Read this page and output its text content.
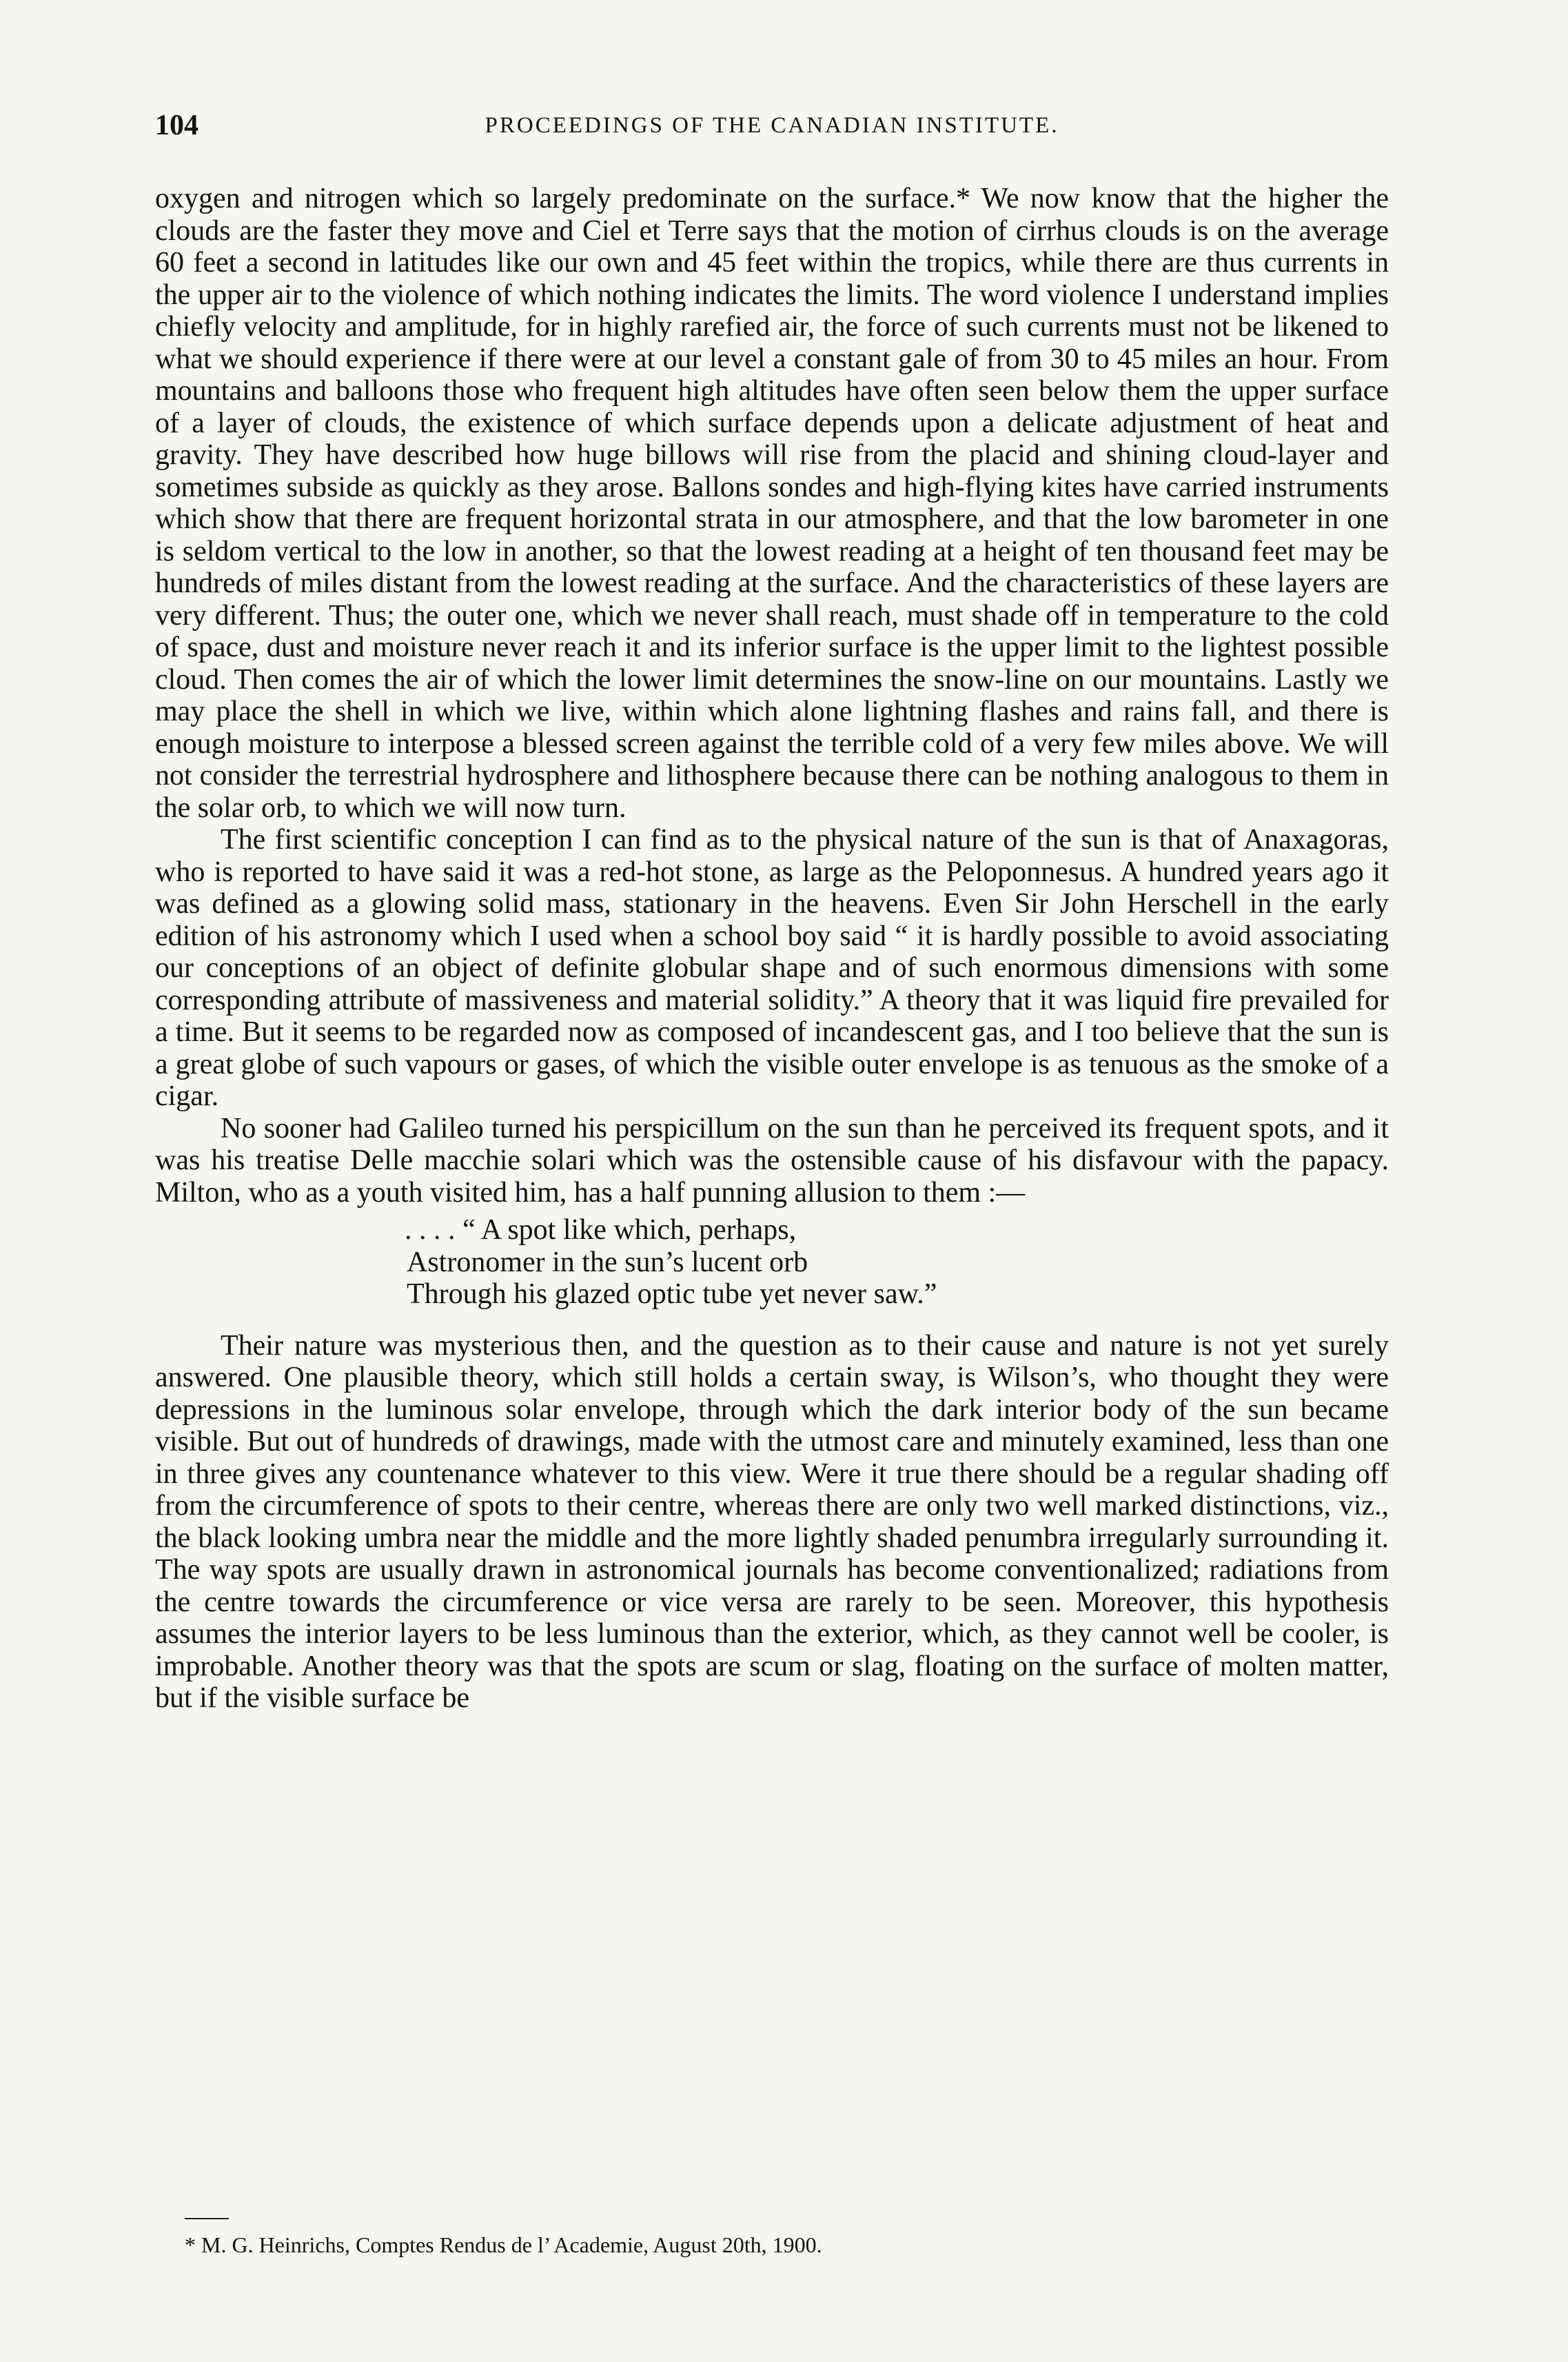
104	PROCEEDINGS OF THE CANADIAN INSTITUTE.

oxygen and nitrogen which so largely predominate on the surface.* We now know that the higher the clouds are the faster they move and Ciel et Terre says that the motion of cirrhus clouds is on the average 60 feet a second in latitudes like our own and 45 feet within the tropics, while there are thus currents in the upper air to the violence of which nothing indicates the limits. The word violence I understand implies chiefly velocity and amplitude, for in highly rarefied air, the force of such currents must not be likened to what we should experience if there were at our level a constant gale of from 30 to 45 miles an hour. From mountains and balloons those who frequent high altitudes have often seen below them the upper surface of a layer of clouds, the existence of which surface depends upon a delicate adjustment of heat and gravity. They have described how huge billows will rise from the placid and shining cloud-layer and sometimes subside as quickly as they arose. Ballons sondes and high-flying kites have carried instruments which show that there are frequent horizontal strata in our atmosphere, and that the low barometer in one is seldom vertical to the low in another, so that the lowest reading at a height of ten thousand feet may be hundreds of miles distant from the lowest reading at the surface. And the characteristics of these layers are very different. Thus; the outer one, which we never shall reach, must shade off in temperature to the cold of space, dust and moisture never reach it and its inferior surface is the upper limit to the lightest possible cloud. Then comes the air of which the lower limit determines the snow-line on our mountains. Lastly we may place the shell in which we live, within which alone lightning flashes and rains fall, and there is enough moisture to interpose a blessed screen against the terrible cold of a very few miles above. We will not consider the terrestrial hydrosphere and lithosphere because there can be nothing analogous to them in the solar orb, to which we will now turn.

The first scientific conception I can find as to the physical nature of the sun is that of Anaxagoras, who is reported to have said it was a red-hot stone, as large as the Peloponnesus. A hundred years ago it was defined as a glowing solid mass, stationary in the heavens. Even Sir John Herschell in the early edition of his astronomy which I used when a school boy said “ it is hardly possible to avoid associating our conceptions of an object of definite globular shape and of such enormous dimensions with some corresponding attribute of massiveness and material solidity.” A theory that it was liquid fire prevailed for a time. But it seems to be regarded now as composed of incandescent gas, and I too believe that the sun is a great globe of such vapours or gases, of which the visible outer envelope is as tenuous as the smoke of a cigar.

No sooner had Galileo turned his perspicillum on the sun than he perceived its frequent spots, and it was his treatise Delle macchie solari which was the ostensible cause of his disfavour with the papacy. Milton, who as a youth visited him, has a half punning allusion to them :—

. . . . “ A spot like which, perhaps,
Astronomer in the sun’s lucent orb
Through his glazed optic tube yet never saw.”

Their nature was mysterious then, and the question as to their cause and nature is not yet surely answered. One plausible theory, which still holds a certain sway, is Wilson’s, who thought they were depressions in the luminous solar envelope, through which the dark interior body of the sun became visible. But out of hundreds of drawings, made with the utmost care and minutely examined, less than one in three gives any countenance whatever to this view. Were it true there should be a regular shading off from the circumference of spots to their centre, whereas there are only two well marked distinctions, viz., the black looking umbra near the middle and the more lightly shaded penumbra irregularly surrounding it. The way spots are usually drawn in astronomical journals has become conventionalized; radiations from the centre towards the circumference or vice versa are rarely to be seen. Moreover, this hypothesis assumes the interior layers to be less luminous than the exterior, which, as they cannot well be cooler, is improbable. Another theory was that the spots are scum or slag, floating on the surface of molten matter, but if the visible surface be

* M. G. Heinrichs, Comptes Rendus de l’ Academie, August 20th, 1900.
